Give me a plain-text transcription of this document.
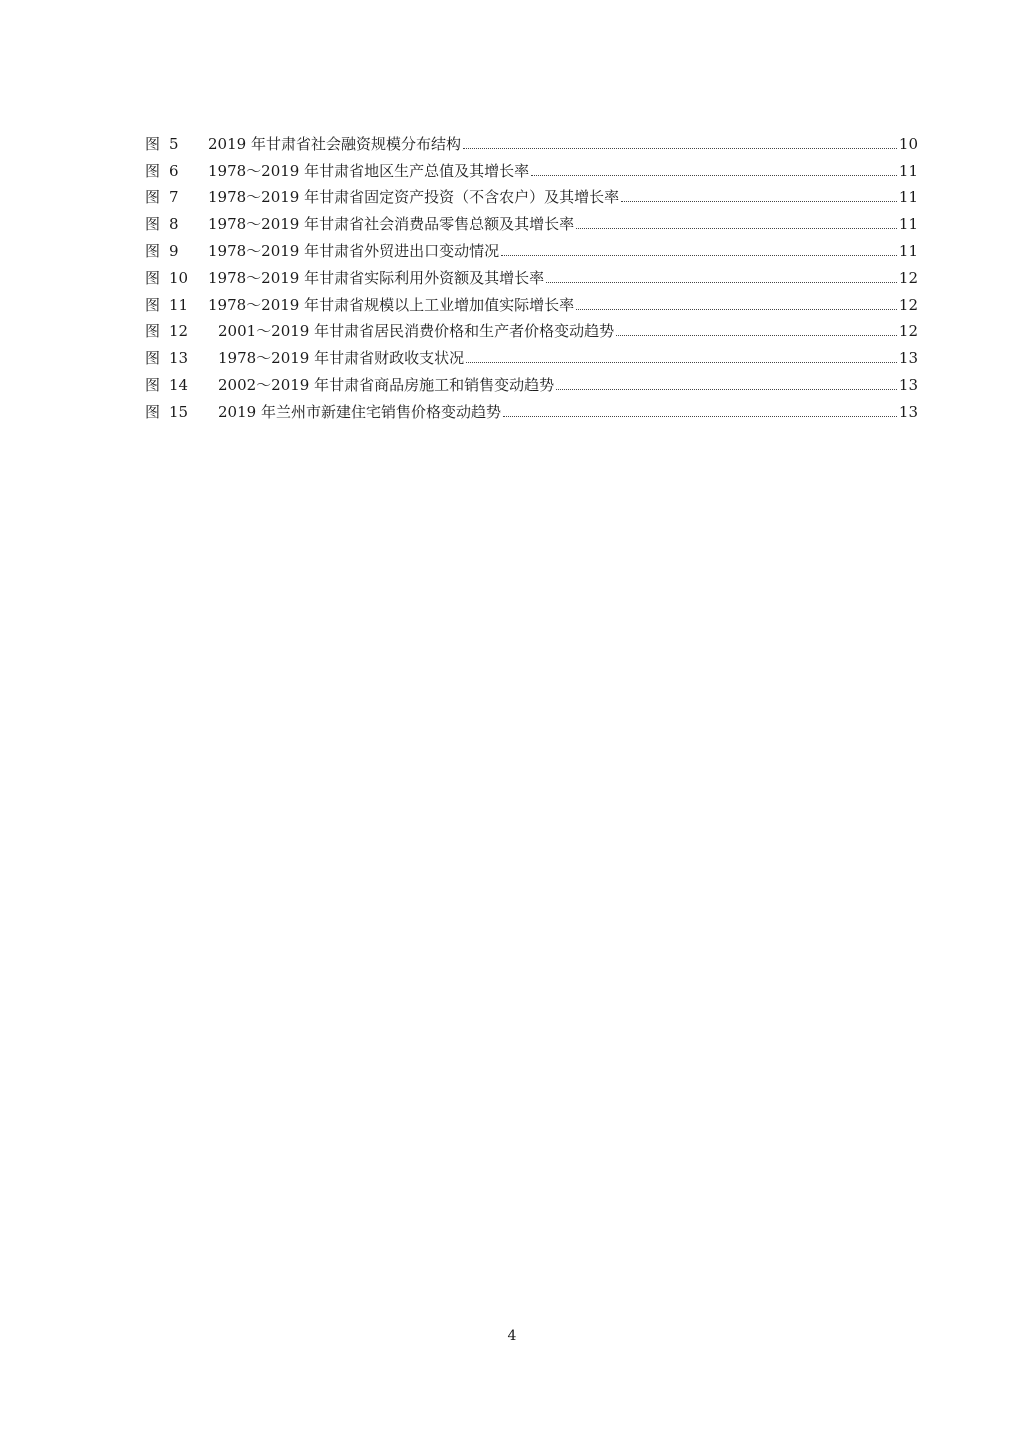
图 5	2019 年甘肃省社会融资规模分布结构	10
图 6	1978～2019 年甘肃省地区生产总值及其增长率	11
图 7	1978～2019 年甘肃省固定资产投资（不含农户）及其增长率	11
图 8	1978～2019 年甘肃省社会消费品零售总额及其增长率	11
图 9	1978～2019 年甘肃省外贸进出口变动情况	11
图 10	1978～2019 年甘肃省实际利用外资额及其增长率	12
图 11	1978～2019 年甘肃省规模以上工业增加值实际增长率	12
图 12	2001～2019 年甘肃省居民消费价格和生产者价格变动趋势	12
图 13	1978～2019 年甘肃省财政收支状况	13
图 14	2002～2019 年甘肃省商品房施工和销售变动趋势	13
图 15	2019 年兰州市新建住宅销售价格变动趋势	13
4
